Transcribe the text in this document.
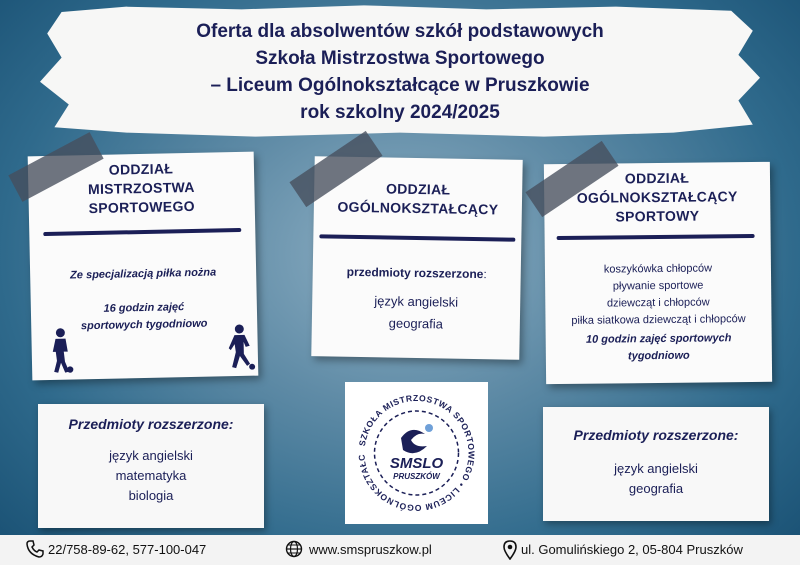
Oferta dla absolwentów szkół podstawowych
Szkoła Mistrzostwa Sportowego
– Liceum Ogólnokształcące w Pruszkowie
rok szkolny 2024/2025
ODDZIAŁ
MISTRZOSTWA
SPORTOWEGO
Ze specjalizacją piłka nożna
16 godzin zajęć
sportowych tygodniowo
ODDZIAŁ
OGÓLNOKSZTAŁCĄCY
przedmioty rozszerzone:
język angielski
geografia
ODDZIAŁ
OGÓLNOKSZTAŁCĄCY
SPORTOWY
koszykówka chłopców
pływanie sportowe
dziewcząt i chłopców
piłka siatkowa dziewcząt i chłopców
10 godzin zajęć sportowych
tygodniowo
Przedmioty rozszerzone:
język angielski
matematyka
biologia
Przedmioty rozszerzone:
język angielski
geografia
SZKOŁA MISTRZOSTWA SPORTOWEGO • LICEUM OGÓLNOKSZTAŁC	SMSLO
PRUSZKÓW
22/758-89-62, 577-100-047	www.smspruszkow.pl	ul. Gomulińskiego 2, 05-804 Pruszków
